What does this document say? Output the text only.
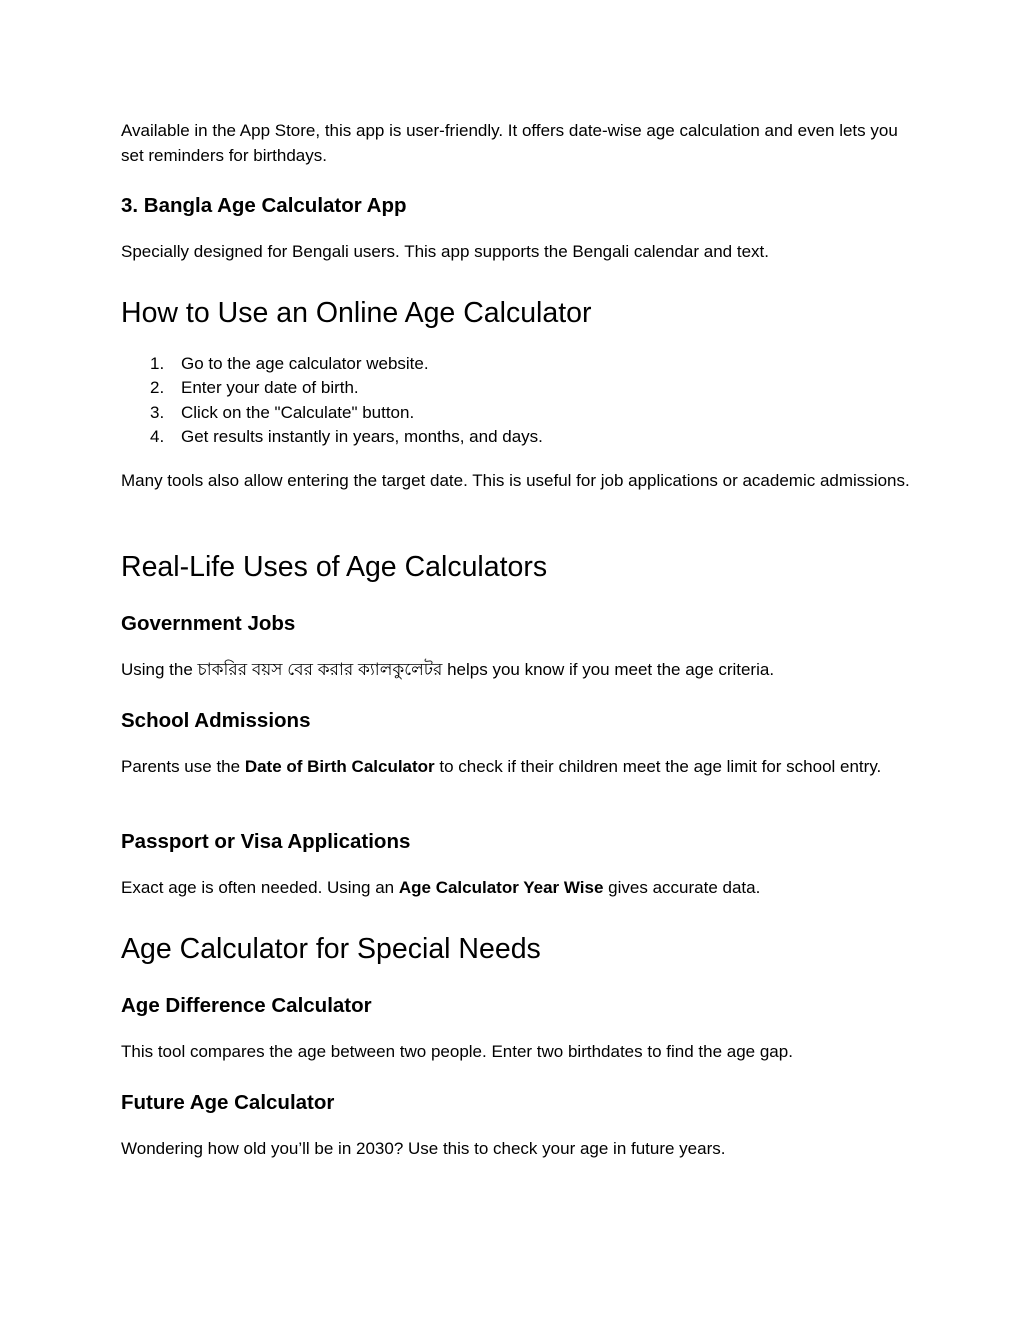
Available in the App Store, this app is user-friendly. It offers date-wise age calculation and even lets you set reminders for birthdays.

3. Bangla Age Calculator App

Specially designed for Bengali users. This app supports the Bengali calendar and text.

How to Use an Online Age Calculator
1. Go to the age calculator website.
2. Enter your date of birth.
3. Click on the "Calculate" button.
4. Get results instantly in years, months, and days.

Many tools also allow entering the target date. This is useful for job applications or academic admissions.

Real-Life Uses of Age Calculators
Government Jobs

Using the চাকরির বয়স বের করার ক্যালকুলেটর helps you know if you meet the age criteria.

School Admissions

Parents use the Date of Birth Calculator to check if their children meet the age limit for school entry.

Passport or Visa Applications

Exact age is often needed. Using an Age Calculator Year Wise gives accurate data.

Age Calculator for Special Needs
Age Difference Calculator

This tool compares the age between two people. Enter two birthdates to find the age gap.

Future Age Calculator

Wondering how old you’ll be in 2030? Use this to check your age in future years.
